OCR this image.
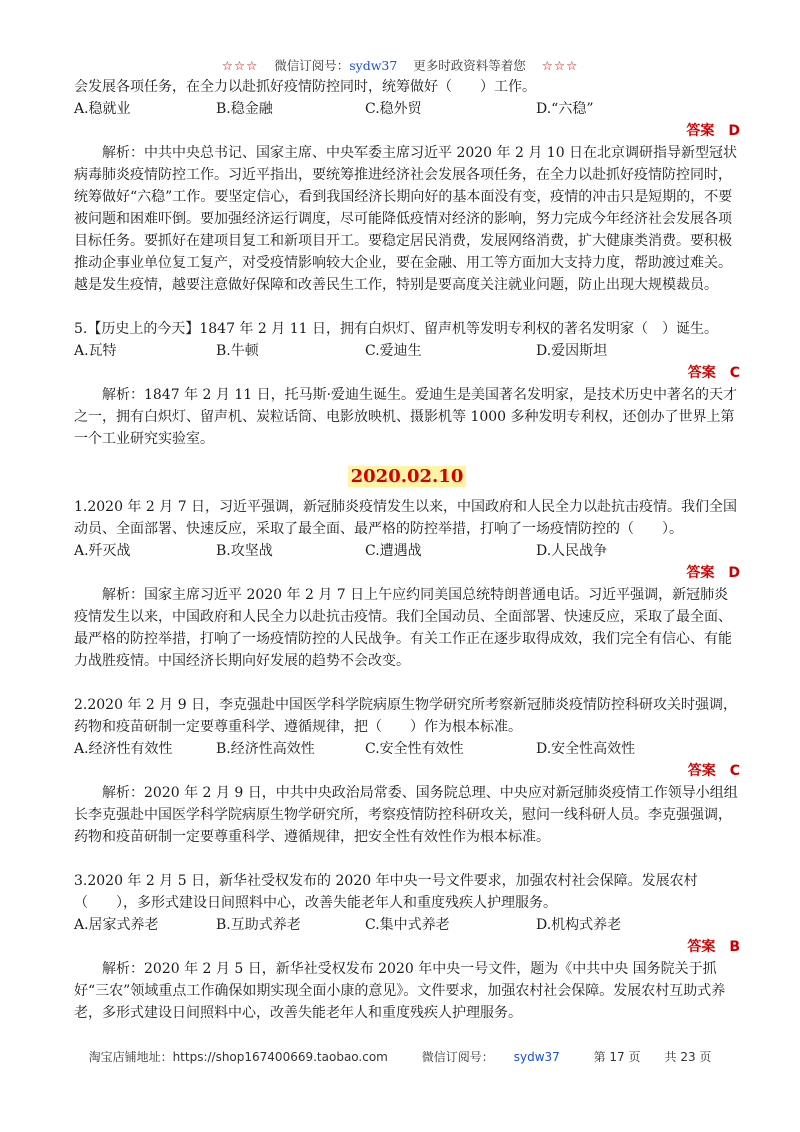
☆☆☆ 微信订阅号：sydw37 更多时政资料等着您 ☆☆☆

会发展各项任务，在全力以赴抓好疫情防控同时，统筹做好（　　）工作。

A.稳就业	B.稳金融	C.稳外贸	D.“六稳”
答案　D

解析：中共中央总书记、国家主席、中央军委主席习近平 2020 年 2 月 10 日在北京调研指导新型冠状病毒肺炎疫情防控工作。习近平指出，要统筹推进经济社会发展各项任务，在全力以赴抓好疫情防控同时，统筹做好“六稳”工作。要坚定信心，看到我国经济长期向好的基本面没有变，疫情的冲击只是短期的，不要被问题和困难吓倒。要加强经济运行调度，尽可能降低疫情对经济的影响，努力完成今年经济社会发展各项目标任务。要抓好在建项目复工和新项目开工。要稳定居民消费，发展网络消费，扩大健康类消费。要积极推动企事业单位复工复产，对受疫情影响较大企业，要在金融、用工等方面加大支持力度，帮助渡过难关。越是发生疫情，越要注意做好保障和改善民生工作，特别是要高度关注就业问题，防止出现大规模裁员。

5.【历史上的今天】1847 年 2 月 11 日，拥有白炽灯、留声机等发明专利权的著名发明家（　）诞生。

A.瓦特	B.牛顿	C.爱迪生	D.爱因斯坦
答案　C

解析：1847 年 2 月 11 日，托马斯·爱迪生诞生。爱迪生是美国著名发明家，是技术历史中著名的天才之一，拥有白炽灯、留声机、炭粒话筒、电影放映机、摄影机等 1000 多种发明专利权，还创办了世界上第一个工业研究实验室。

2020.02.10

1.2020 年 2 月 7 日，习近平强调，新冠肺炎疫情发生以来，中国政府和人民全力以赴抗击疫情。我们全国动员、全面部署、快速反应，采取了最全面、最严格的防控举措，打响了一场疫情防控的（　　）。

A.歼灭战	B.攻坚战	C.遭遇战	D.人民战争
答案　D

解析：国家主席习近平 2020 年 2 月 7 日上午应约同美国总统特朗普通电话。习近平强调，新冠肺炎疫情发生以来，中国政府和人民全力以赴抗击疫情。我们全国动员、全面部署、快速反应，采取了最全面、最严格的防控举措，打响了一场疫情防控的人民战争。有关工作正在逐步取得成效，我们完全有信心、有能力战胜疫情。中国经济长期向好发展的趋势不会改变。

2.2020 年 2 月 9 日，李克强赴中国医学科学院病原生物学研究所考察新冠肺炎疫情防控科研攻关时强调，药物和疫苗研制一定要尊重科学、遵循规律，把（　　）作为根本标准。

A.经济性有效性	B.经济性高效性	C.安全性有效性	D.安全性高效性
答案　C

解析：2020 年 2 月 9 日，中共中央政治局常委、国务院总理、中央应对新冠肺炎疫情工作领导小组组长李克强赴中国医学科学院病原生物学研究所，考察疫情防控科研攻关，慰问一线科研人员。李克强强调，药物和疫苗研制一定要尊重科学、遵循规律，把安全性有效性作为根本标准。

3.2020 年 2 月 5 日，新华社受权发布的 2020 年中央一号文件要求，加强农村社会保障。发展农村（　　），多形式建设日间照料中心，改善失能老年人和重度残疾人护理服务。

A.居家式养老	B.互助式养老	C.集中式养老	D.机构式养老
答案　B

解析：2020 年 2 月 5 日，新华社受权发布 2020 年中央一号文件，题为《中共中央 国务院关于抓好“三农”领域重点工作确保如期实现全面小康的意见》。文件要求，加强农村社会保障。发展农村互助式养老，多形式建设日间照料中心，改善失能老年人和重度残疾人护理服务。

淘宝店铺地址：https://shop167400669.taobao.com	微信订阅号： sydw37	第 17 页　　共 23 页
